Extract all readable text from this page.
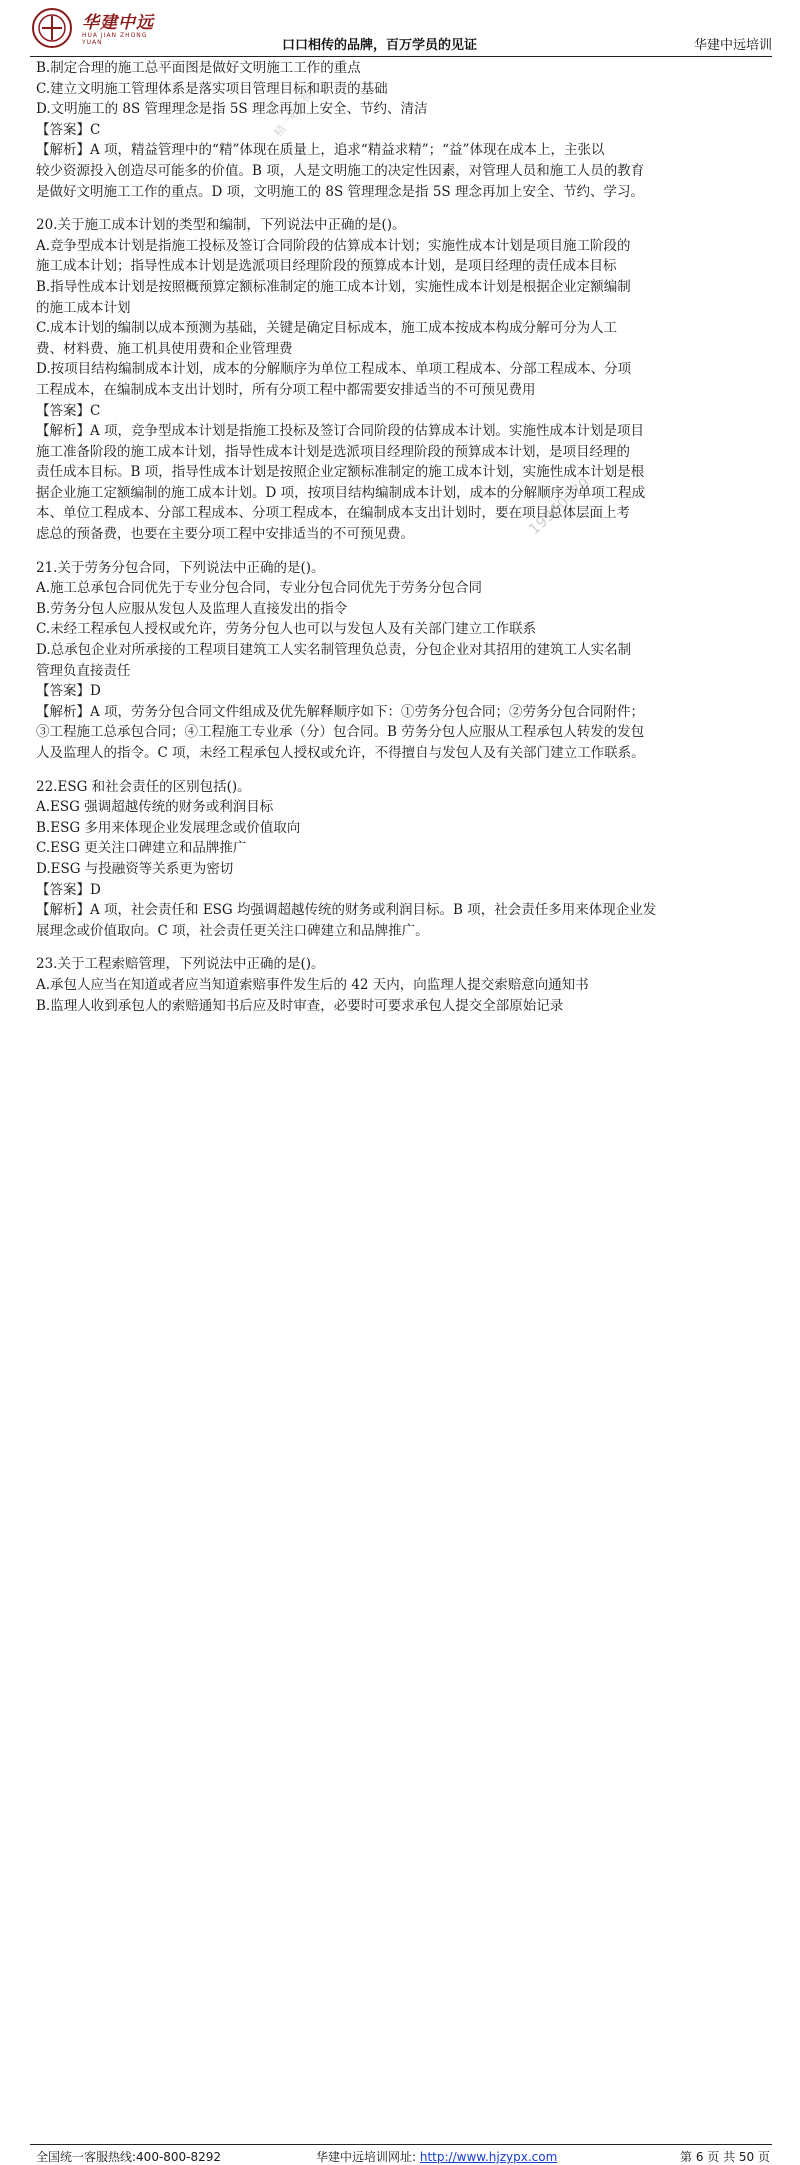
华建中远
HUA JIAN ZHONG YUAN	口口相传的品牌，百万学员的见证	华建中远培训

B.制定合理的施工总平面图是做好文明施工工作的重点

C.建立文明施工管理体系是落实项目管理目标和职责的基础

D.文明施工的 8S 管理理念是指 5S 理念再加上安全、节约、清洁

【答案】C

【解析】A 项，精益管理中的“精”体现在质量上，追求“精益求精”；“益”体现在成本上，主张以

较少资源投入创造尽可能多的价值。B 项，人是文明施工的决定性因素，对管理人员和施工人员的教育

是做好文明施工工作的重点。D 项，文明施工的 8S 管理理念是指 5S 理念再加上安全、节约、学习。

20.关于施工成本计划的类型和编制，下列说法中正确的是()。

A.竞争型成本计划是指施工投标及签订合同阶段的估算成本计划；实施性成本计划是项目施工阶段的

施工成本计划；指导性成本计划是选派项目经理阶段的预算成本计划，是项目经理的责任成本目标

B.指导性成本计划是按照概预算定额标准制定的施工成本计划，实施性成本计划是根据企业定额编制

的施工成本计划

C.成本计划的编制以成本预测为基础，关键是确定目标成本，施工成本按成本构成分解可分为人工

费、材料费、施工机具使用费和企业管理费

D.按项目结构编制成本计划，成本的分解顺序为单位工程成本、单项工程成本、分部工程成本、分项

工程成本，在编制成本支出计划时，所有分项工程中都需要安排适当的不可预见费用

【答案】C

【解析】A 项，竞争型成本计划是指施工投标及签订合同阶段的估算成本计划。实施性成本计划是项目

施工准备阶段的施工成本计划，指导性成本计划是选派项目经理阶段的预算成本计划，是项目经理的

责任成本目标。B 项，指导性成本计划是按照企业定额标准制定的施工成本计划，实施性成本计划是根

据企业施工定额编制的施工成本计划。D 项，按项目结构编制成本计划，成本的分解顺序为单项工程成

本、单位工程成本、分部工程成本、分项工程成本，在编制成本支出计划时，要在项目总体层面上考

虑总的预备费，也要在主要分项工程中安排适当的不可预见费。

21.关于劳务分包合同，下列说法中正确的是()。

A.施工总承包合同优先于专业分包合同，专业分包合同优先于劳务分包合同

B.劳务分包人应服从发包人及监理人直接发出的指令

C.未经工程承包人授权或允许，劳务分包人也可以与发包人及有关部门建立工作联系

D.总承包企业对所承接的工程项目建筑工人实名制管理负总责，分包企业对其招用的建筑工人实名制

管理负直接责任

【答案】D

【解析】A 项，劳务分包合同文件组成及优先解释顺序如下：①劳务分包合同；②劳务分包合同附件；

③工程施工总承包合同；④工程施工专业承（分）包合同。B 劳务分包人应服从工程承包人转发的发包

人及监理人的指令。C 项，未经工程承包人授权或允许，不得擅自与发包人及有关部门建立工作联系。

22.ESG 和社会责任的区别包括()。

A.ESG 强调超越传统的财务或利润目标

B.ESG 多用来体现企业发展理念或价值取向

C.ESG 更关注口碑建立和品牌推广

D.ESG 与投融资等关系更为密切

【答案】D

【解析】A 项，社会责任和 ESG 均强调超越传统的财务或利润目标。B 项，社会责任多用来体现企业发

展理念或价值取向。C 项，社会责任更关注口碑建立和品牌推广。

23.关于工程索赔管理，下列说法中正确的是()。

A.承包人应当在知道或者应当知道索赔事件发生后的 42 天内，向监理人提交索赔意向通知书

B.监理人收到承包人的索赔通知书后应及时审查，必要时可要求承包人提交全部原始记录

精一联系微信
19960179
全国统一客服热线:400-800-8292	华建中远培训网址: http://www.hjzypx.com	第 6 页 共 50 页
